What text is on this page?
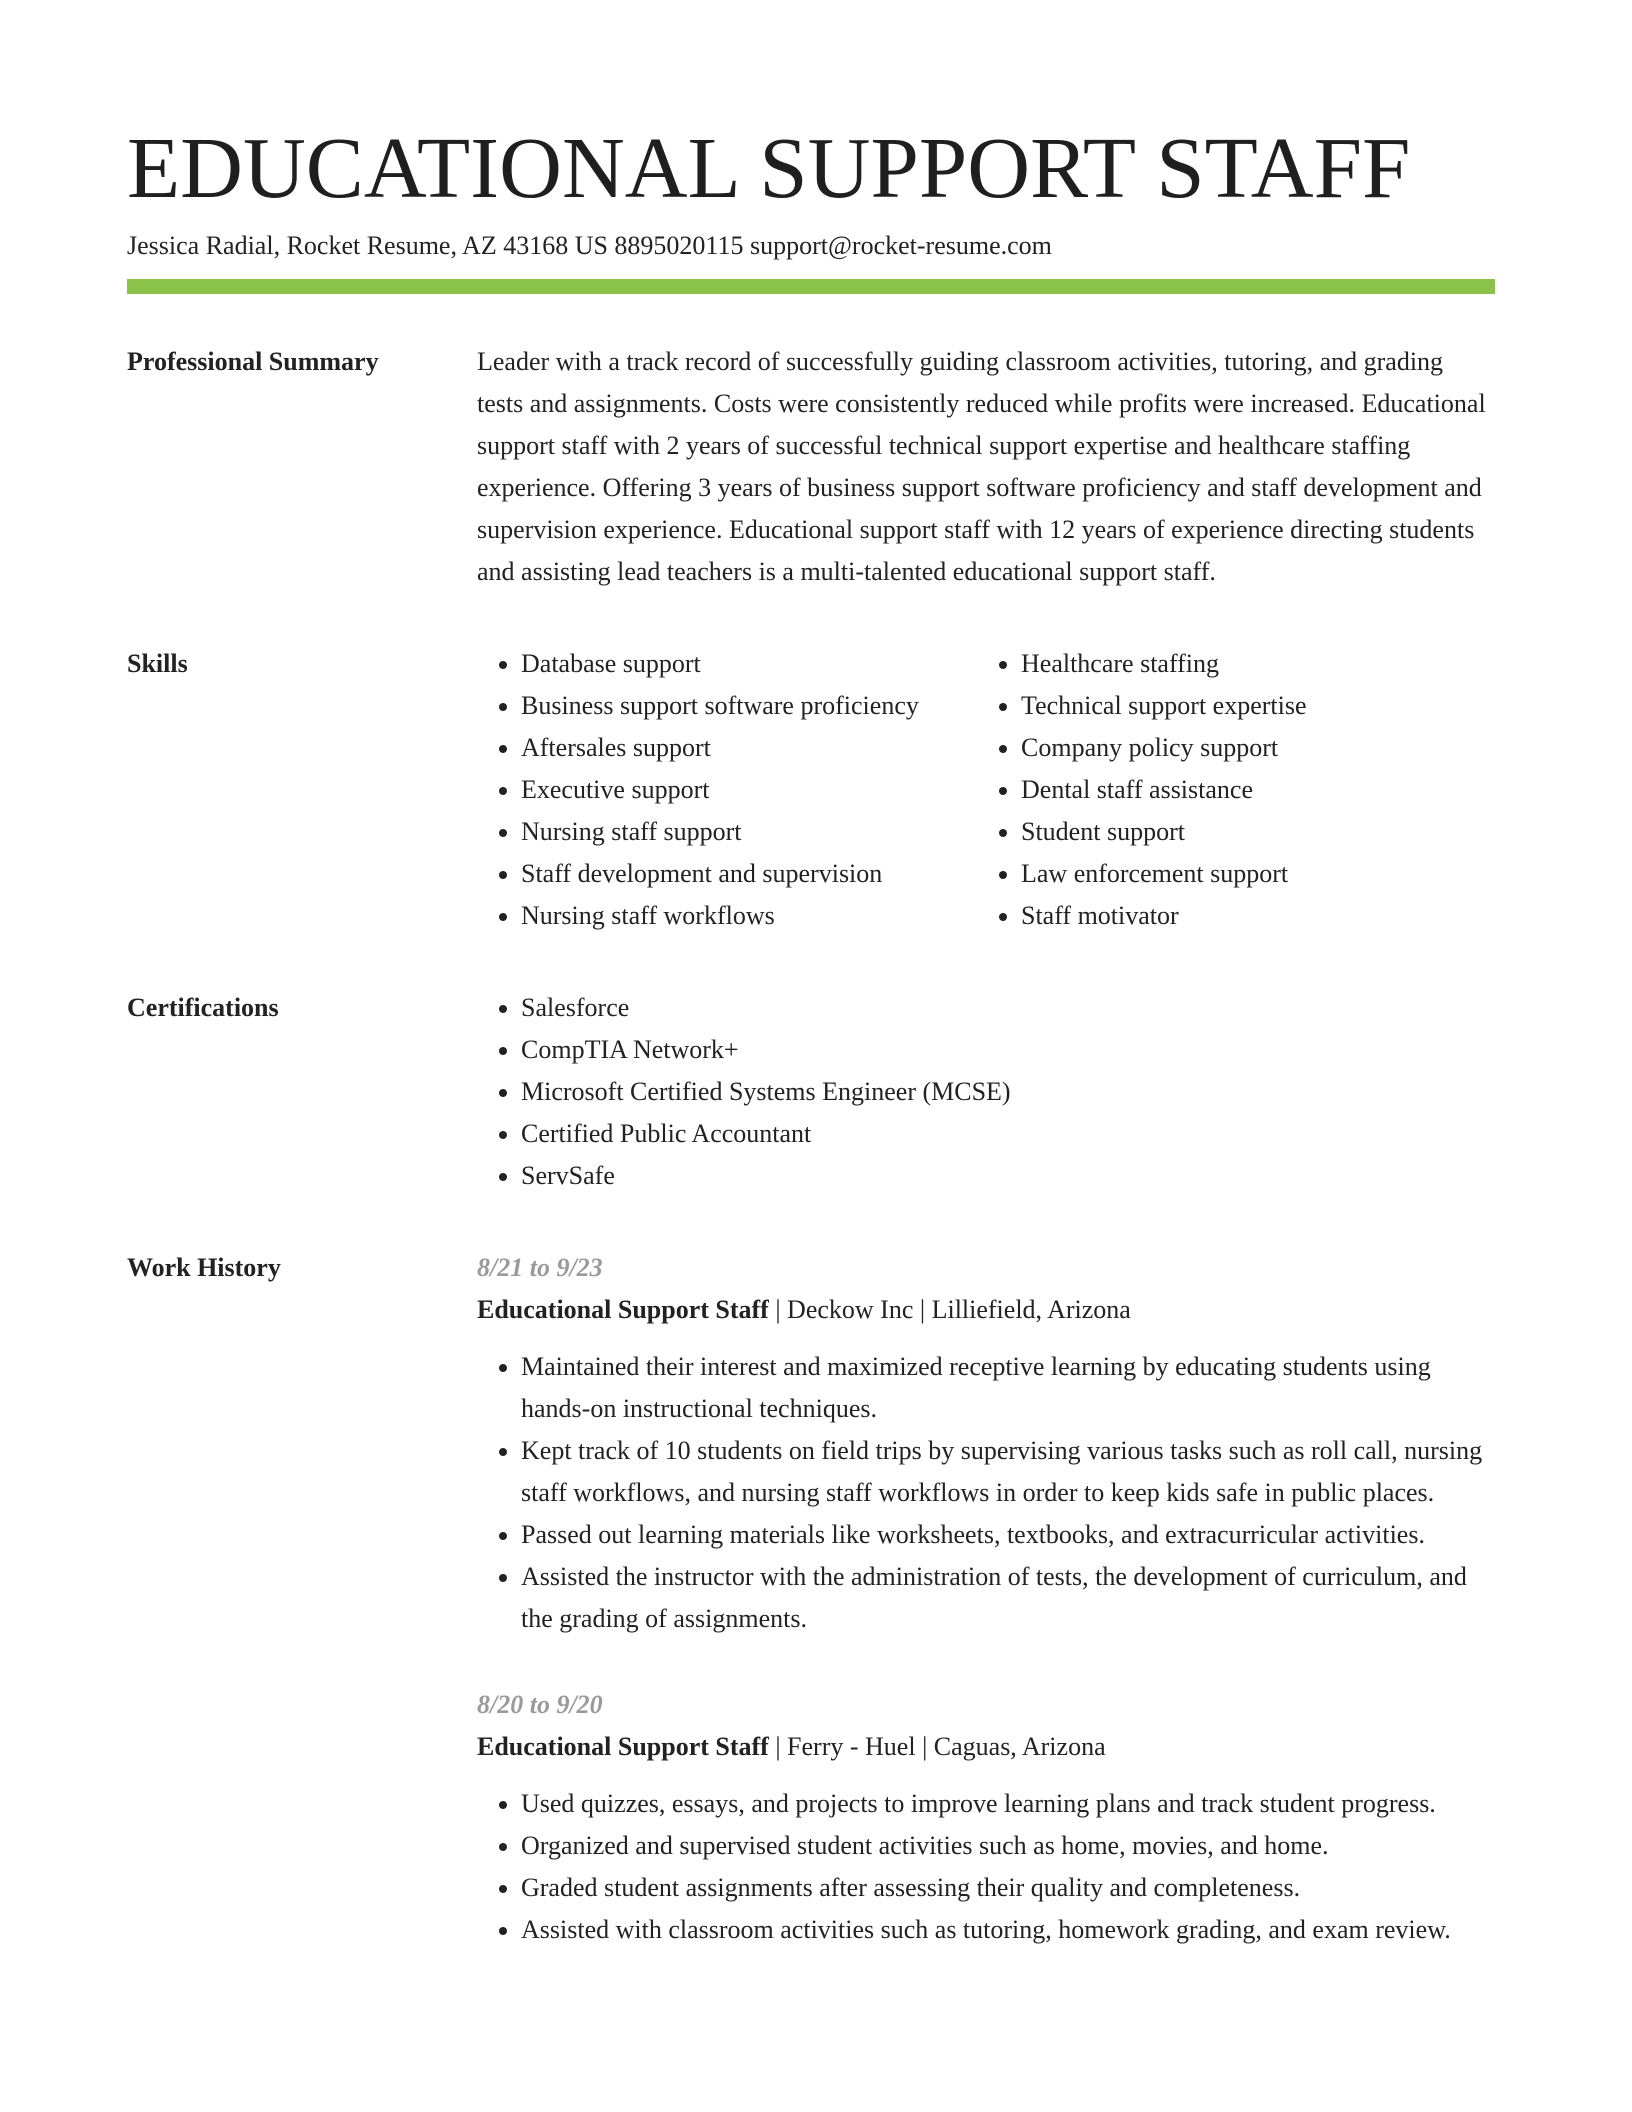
EDUCATIONAL SUPPORT STAFF
Jessica Radial, Rocket Resume, AZ 43168 US 8895020115 support@rocket-resume.com
Professional Summary	Leader with a track record of successfully guiding classroom activities, tutoring, and grading tests and assignments. Costs were consistently reduced while profits were increased. Educational support staff with 2 years of successful technical support expertise and healthcare staffing experience. Offering 3 years of business support software proficiency and staff development and supervision experience. Educational support staff with 12 years of experience directing students and assisting lead teachers is a multi-talented educational support staff.

Skills	• Database support
• Business support software proficiency
• Aftersales support
• Executive support
• Nursing staff support
• Staff development and supervision
• Nursing staff workflows
• Healthcare staffing
• Technical support expertise
• Company policy support
• Dental staff assistance
• Student support
• Law enforcement support
• Staff motivator
Certifications	• Salesforce
• CompTIA Network+
• Microsoft Certified Systems Engineer (MCSE)
• Certified Public Accountant
• ServSafe
Work History	8/21 to 9/23
Educational Support Staff | Deckow Inc | Lilliefield, Arizona
• Maintained their interest and maximized receptive learning by educating students using hands-on instructional techniques.
• Kept track of 10 students on field trips by supervising various tasks such as roll call, nursing staff workflows, and nursing staff workflows in order to keep kids safe in public places.
• Passed out learning materials like worksheets, textbooks, and extracurricular activities.
• Assisted the instructor with the administration of tests, the development of curriculum, and the grading of assignments.
8/20 to 9/20
Educational Support Staff | Ferry - Huel | Caguas, Arizona
• Used quizzes, essays, and projects to improve learning plans and track student progress.
• Organized and supervised student activities such as home, movies, and home.
• Graded student assignments after assessing their quality and completeness.
• Assisted with classroom activities such as tutoring, homework grading, and exam review.
